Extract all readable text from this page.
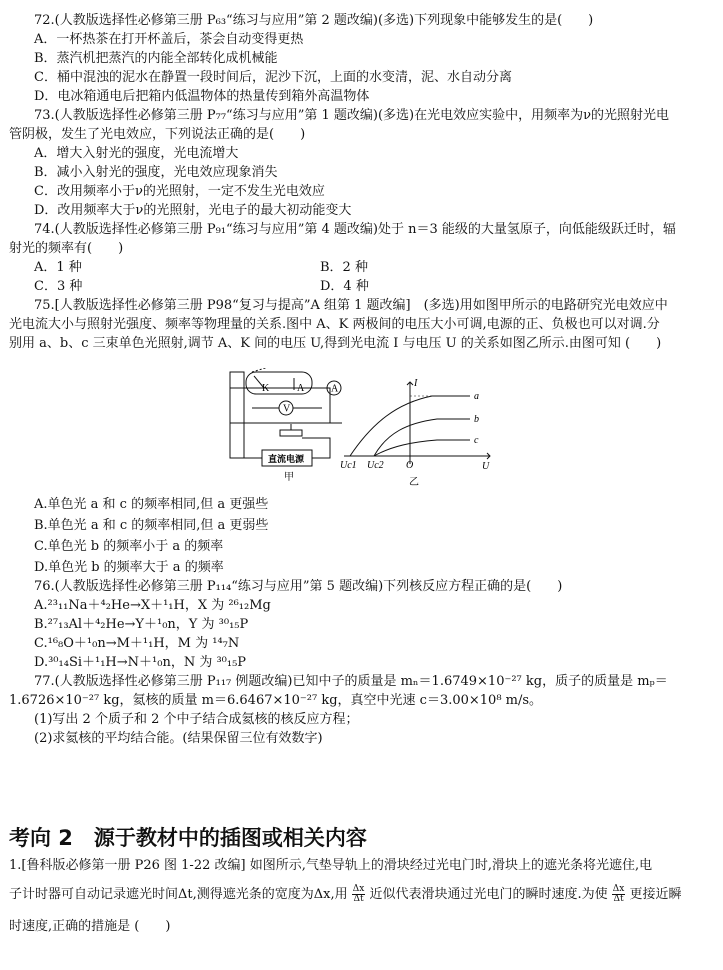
72.(人教版选择性必修第三册 P₆₃“练习与应用”第 2 题改编)(多选)下列现象中能够发生的是(　　)
A．一杯热茶在打开杯盖后，茶会自动变得更热
B．蒸汽机把蒸汽的内能全部转化成机械能
C．桶中混浊的泥水在静置一段时间后，泥沙下沉，上面的水变清，泥、水自动分离
D．电冰箱通电后把箱内低温物体的热量传到箱外高温物体
73.(人教版选择性必修第三册 P₇₇“练习与应用”第 1 题改编)(多选)在光电效应实验中，用频率为ν的光照射光电
管阴极，发生了光电效应，下列说法正确的是(　　)
A．增大入射光的强度，光电流增大
B．减小入射光的强度，光电效应现象消失
C．改用频率小于ν的光照射，一定不发生光电效应
D．改用频率大于ν的光照射，光电子的最大初动能变大
74.(人教版选择性必修第三册 P₉₁“练习与应用”第 4 题改编)处于 n＝3 能级的大量氢原子，向低能级跃迁时，辐
射光的频率有(　　)
A．1 种	B．2 种
C．3 种	D．4 种
75.[人教版选择性必修第三册 P98“复习与提高”A 组第 1 题改编]　(多选)用如图甲所示的电路研究光电效应中
光电流大小与照射光强度、频率等物理量的关系.图中 A、K 两极间的电压大小可调,电源的正、负极也可以对调.分
别用 a、b、c 三束单色光照射,调节 A、K 间的电压 U,得到光电流 I 与电压 U 的关系如图乙所示.由图可知 (　　)
K	A	A
V
直流电源
甲
I
U
O
Uc1 Uc2
a
b
c
乙
A.单色光 a 和 c 的频率相同,但 a 更强些
B.单色光 a 和 c 的频率相同,但 a 更弱些
C.单色光 b 的频率小于 a 的频率
D.单色光 b 的频率大于 a 的频率
76.(人教版选择性必修第三册 P₁₁₄“练习与应用”第 5 题改编)下列核反应方程正确的是(　　)
A.²³₁₁Na＋⁴₂He→X＋¹₁H，X 为 ²⁶₁₂Mg
B.²⁷₁₃Al＋⁴₂He→Y＋¹₀n，Y 为 ³⁰₁₅P
C.¹⁶₈O＋¹₀n→M＋¹₁H，M 为 ¹⁴₇N
D.³⁰₁₄Si＋¹₁H→N＋¹₀n，N 为 ³⁰₁₅P
77.(人教版选择性必修第三册 P₁₁₇ 例题改编)已知中子的质量是 mₙ＝1.6749×10⁻²⁷ kg，质子的质量是 mₚ＝
1.6726×10⁻²⁷ kg，氦核的质量 m＝6.6467×10⁻²⁷ kg，真空中光速 c＝3.00×10⁸ m/s。
(1)写出 2 个质子和 2 个中子结合成氦核的核反应方程；
(2)求氦核的平均结合能。(结果保留三位有效数字)
考向 2　源于教材中的插图或相关内容
1.[鲁科版必修第一册 P26 图 1-22 改编] 如图所示,气垫导轨上的滑块经过光电门时,滑块上的遮光条将光遮住,电
子计时器可自动记录遮光时间Δt,测得遮光条的宽度为Δx,用 $\frac{\Delta x}{\Delta t}$ 近似代表滑块通过光电门的瞬时速度.为使 $\frac{\Delta x}{\Delta t}$ 更接近瞬
时速度,正确的措施是 (　　)
